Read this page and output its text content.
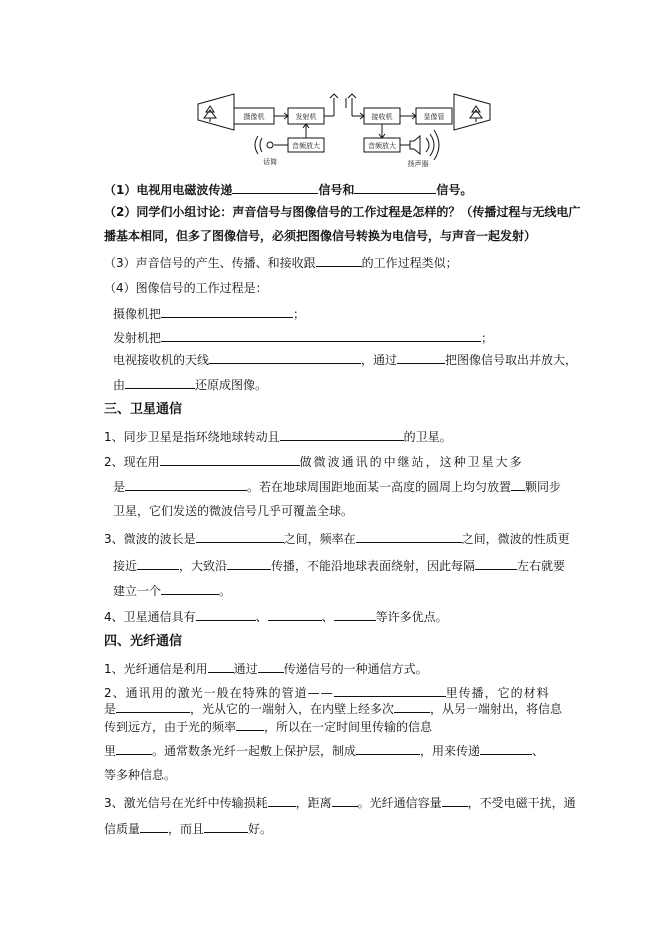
摄像机	发射机
音频放大
话筒
接收机	显像管
音频放大
扬声器
（1）电视用电磁波传递	信号和	信号。
（2）同学们小组讨论：声音信号与图像信号的工作过程是怎样的？（传播过程与无线电广
播基本相同，但多了图像信号，必须把图像信号转换为电信号，与声音一起发射）
（3）声音信号的产生、传播、和接收跟	的工作过程类似；
（4）图像信号的工作过程是：
摄像机把	；
发射机把	；
电视接收机的天线	，通过	把图像信号取出并放大，
由	还原成图像。
三、卫星通信
1、同步卫星是指环绕地球转动且	的卫星。
2、现在用	做微波通讯的中继站，这种卫星大多
是	。若在地球周围距地面某一高度的圆周上均匀放置 颗同步
卫星，它们发送的微波信号几乎可覆盖全球。
3、微波的波长是	之间，频率在	之间，微波的性质更
接近	，大致沿	传播，不能沿地球表面绕射，因此每隔	左右就要
建立一个	。
4、卫星通信具有	、	、	等许多优点。
四、光纤通信
1、光纤通信是利用 通过 传递信号的一种通信方式。
2、通讯用的激光一般在特殊的管道——	里传播，它的材料
是	，光从它的一端射入，在内壁上经多次	，从另一端射出，将信息
传到远方，由于光的频率 ，所以在一定时间里传输的信息
里	。通常数条光纤一起敷上保护层，制成	，用来传递	、
等多种信息。
3、激光信号在光纤中传输损耗 ，距离 。光纤通信容量 ，不受电磁干扰，通
信质量 ，而且	好。
